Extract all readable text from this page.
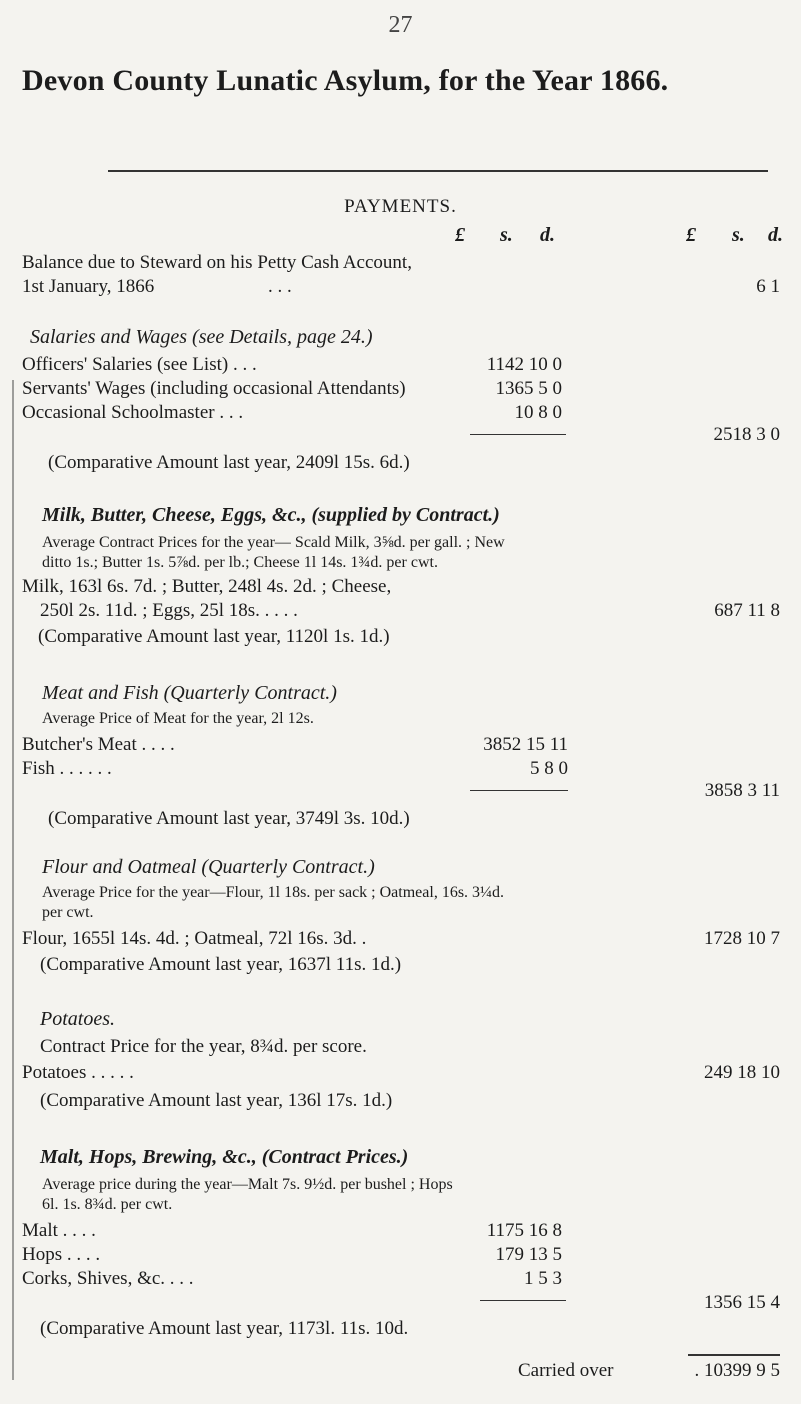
27
Devon County Lunatic Asylum, for the Year 1866.
PAYMENTS.
£ s. d.	£ s. d.
Balance due to Steward on his Petty Cash Account,
1st January, 1866	. . .	6 1
Salaries and Wages (see Details, page 24.)
Officers' Salaries (see List) . . .	1142 10 0
Servants' Wages (including occasional Attendants)	1365 5 0
Occasional Schoolmaster . . .	10 8 0
2518 3 0
(Comparative Amount last year, 2409l 15s. 6d.)
Milk, Butter, Cheese, Eggs, &c., (supplied by Contract.)
Average Contract Prices for the year— Scald Milk, 3⅝d. per gall. ; New
ditto 1s.; Butter 1s. 5⅞d. per lb.; Cheese 1l 14s. 1¾d. per cwt.
Milk, 163l 6s. 7d. ; Butter, 248l 4s. 2d. ; Cheese,
250l 2s. 11d. ; Eggs, 25l 18s. . . . .	687 11 8
(Comparative Amount last year, 1120l 1s. 1d.)
Meat and Fish (Quarterly Contract.)
Average Price of Meat for the year, 2l 12s.
Butcher's Meat . . . .	3852 15 11
Fish . . . . . .	5 8 0
3858 3 11
(Comparative Amount last year, 3749l 3s. 10d.)
Flour and Oatmeal (Quarterly Contract.)
Average Price for the year—Flour, 1l 18s. per sack ; Oatmeal, 16s. 3¼d.
per cwt.
Flour, 1655l 14s. 4d. ; Oatmeal, 72l 16s. 3d. .	1728 10 7
(Comparative Amount last year, 1637l 11s. 1d.)
Potatoes.
Contract Price for the year, 8¾d. per score.
Potatoes . . . . .	249 18 10
(Comparative Amount last year, 136l 17s. 1d.)
Malt, Hops, Brewing, &c., (Contract Prices.)
Average price during the year—Malt 7s. 9½d. per bushel ; Hops
6l. 1s. 8¾d. per cwt.
Malt . . . .	1175 16 8
Hops . . . .	179 13 5
Corks, Shives, &c. . . .	1 5 3
1356 15 4
(Comparative Amount last year, 1173l. 11s. 10d.
Carried over	. 10399 9 5
